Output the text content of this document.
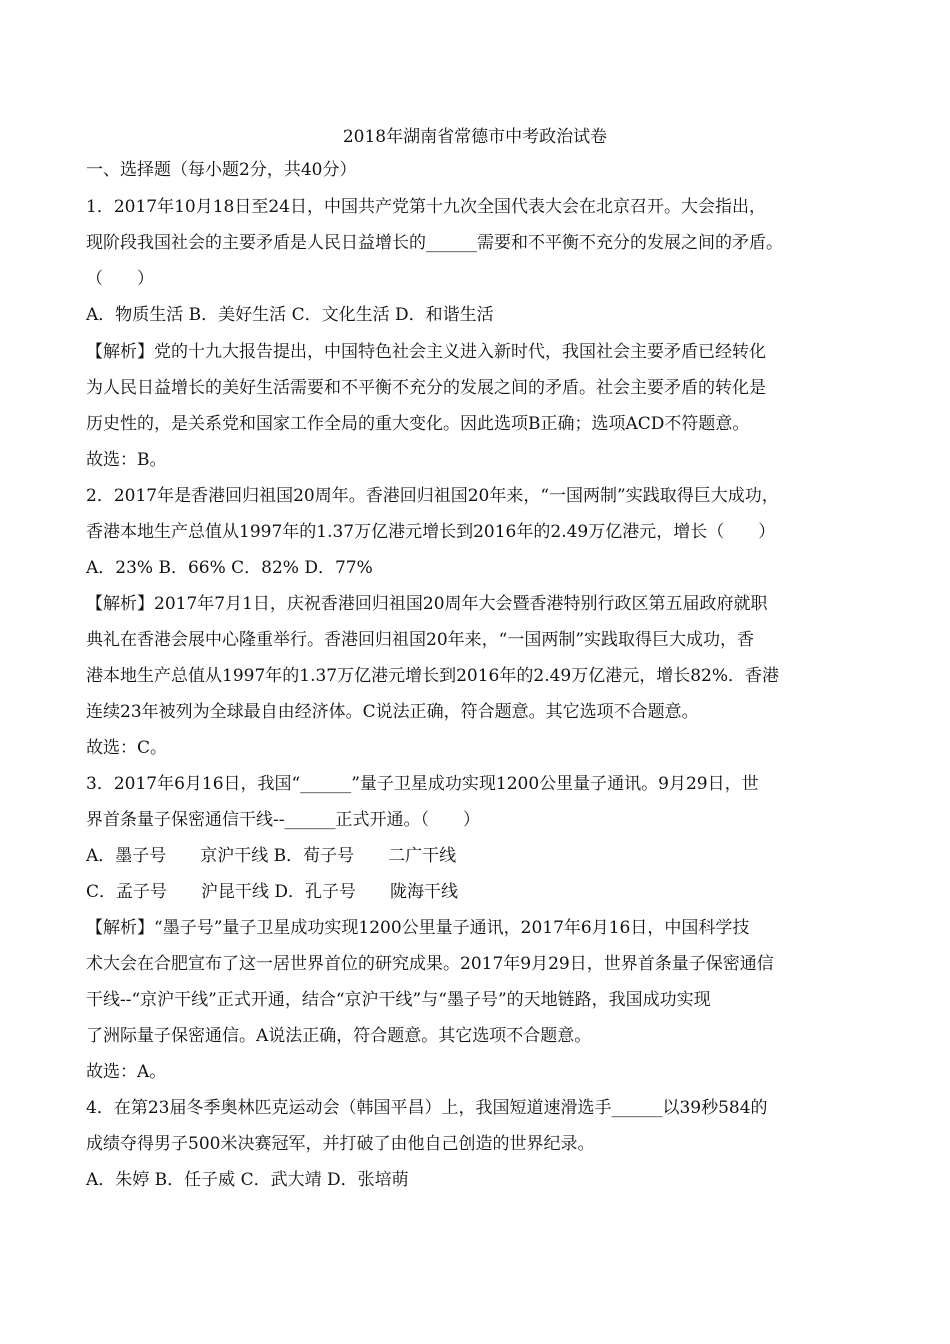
2018年湖南省常德市中考政治试卷
一、选择题（每小题2分，共40分）
1．2017年10月18日至24日，中国共产党第十九次全国代表大会在北京召开。大会指出，
现阶段我国社会的主要矛盾是人民日益增长的______需要和不平衡不充分的发展之间的矛盾。
（　　）
A．物质生活 B．美好生活 C．文化生活 D．和谐生活
【解析】党的十九大报告提出，中国特色社会主义进入新时代，我国社会主要矛盾已经转化
为人民日益增长的美好生活需要和不平衡不充分的发展之间的矛盾。社会主要矛盾的转化是
历史性的，是关系党和国家工作全局的重大变化。因此选项B正确；选项ACD不符题意。
故选：B。
2．2017年是香港回归祖国20周年。香港回归祖国20年来，“一国两制”实践取得巨大成功，
香港本地生产总值从1997年的1.37万亿港元增长到2016年的2.49万亿港元，增长（　　）
A．23% B．66% C．82% D．77%
【解析】2017年7月1日，庆祝香港回归祖国20周年大会暨香港特别行政区第五届政府就职
典礼在香港会展中心隆重举行。香港回归祖国20年来，“一国两制”实践取得巨大成功，香
港本地生产总值从1997年的1.37万亿港元增长到2016年的2.49万亿港元，增长82%．香港
连续23年被列为全球最自由经济体。C说法正确，符合题意。其它选项不合题意。
故选：C。
3．2017年6月16日，我国“______”量子卫星成功实现1200公里量子通讯。9月29日，世
界首条量子保密通信干线--______正式开通。（　　）
A．墨子号　　京沪干线 B．荀子号　　二广干线
C．孟子号　　沪昆干线 D．孔子号　　陇海干线
【解析】“墨子号”量子卫星成功实现1200公里量子通讯，2017年6月16日，中国科学技
术大会在合肥宣布了这一居世界首位的研究成果。2017年9月29日，世界首条量子保密通信
干线--“京沪干线”正式开通，结合“京沪干线”与“墨子号”的天地链路，我国成功实现
了洲际量子保密通信。A说法正确，符合题意。其它选项不合题意。
故选：A。
4．在第23届冬季奥林匹克运动会（韩国平昌）上，我国短道速滑选手______以39秒584的
成绩夺得男子500米决赛冠军，并打破了由他自己创造的世界纪录。
A．朱婷 B．任子威 C．武大靖 D．张培萌
